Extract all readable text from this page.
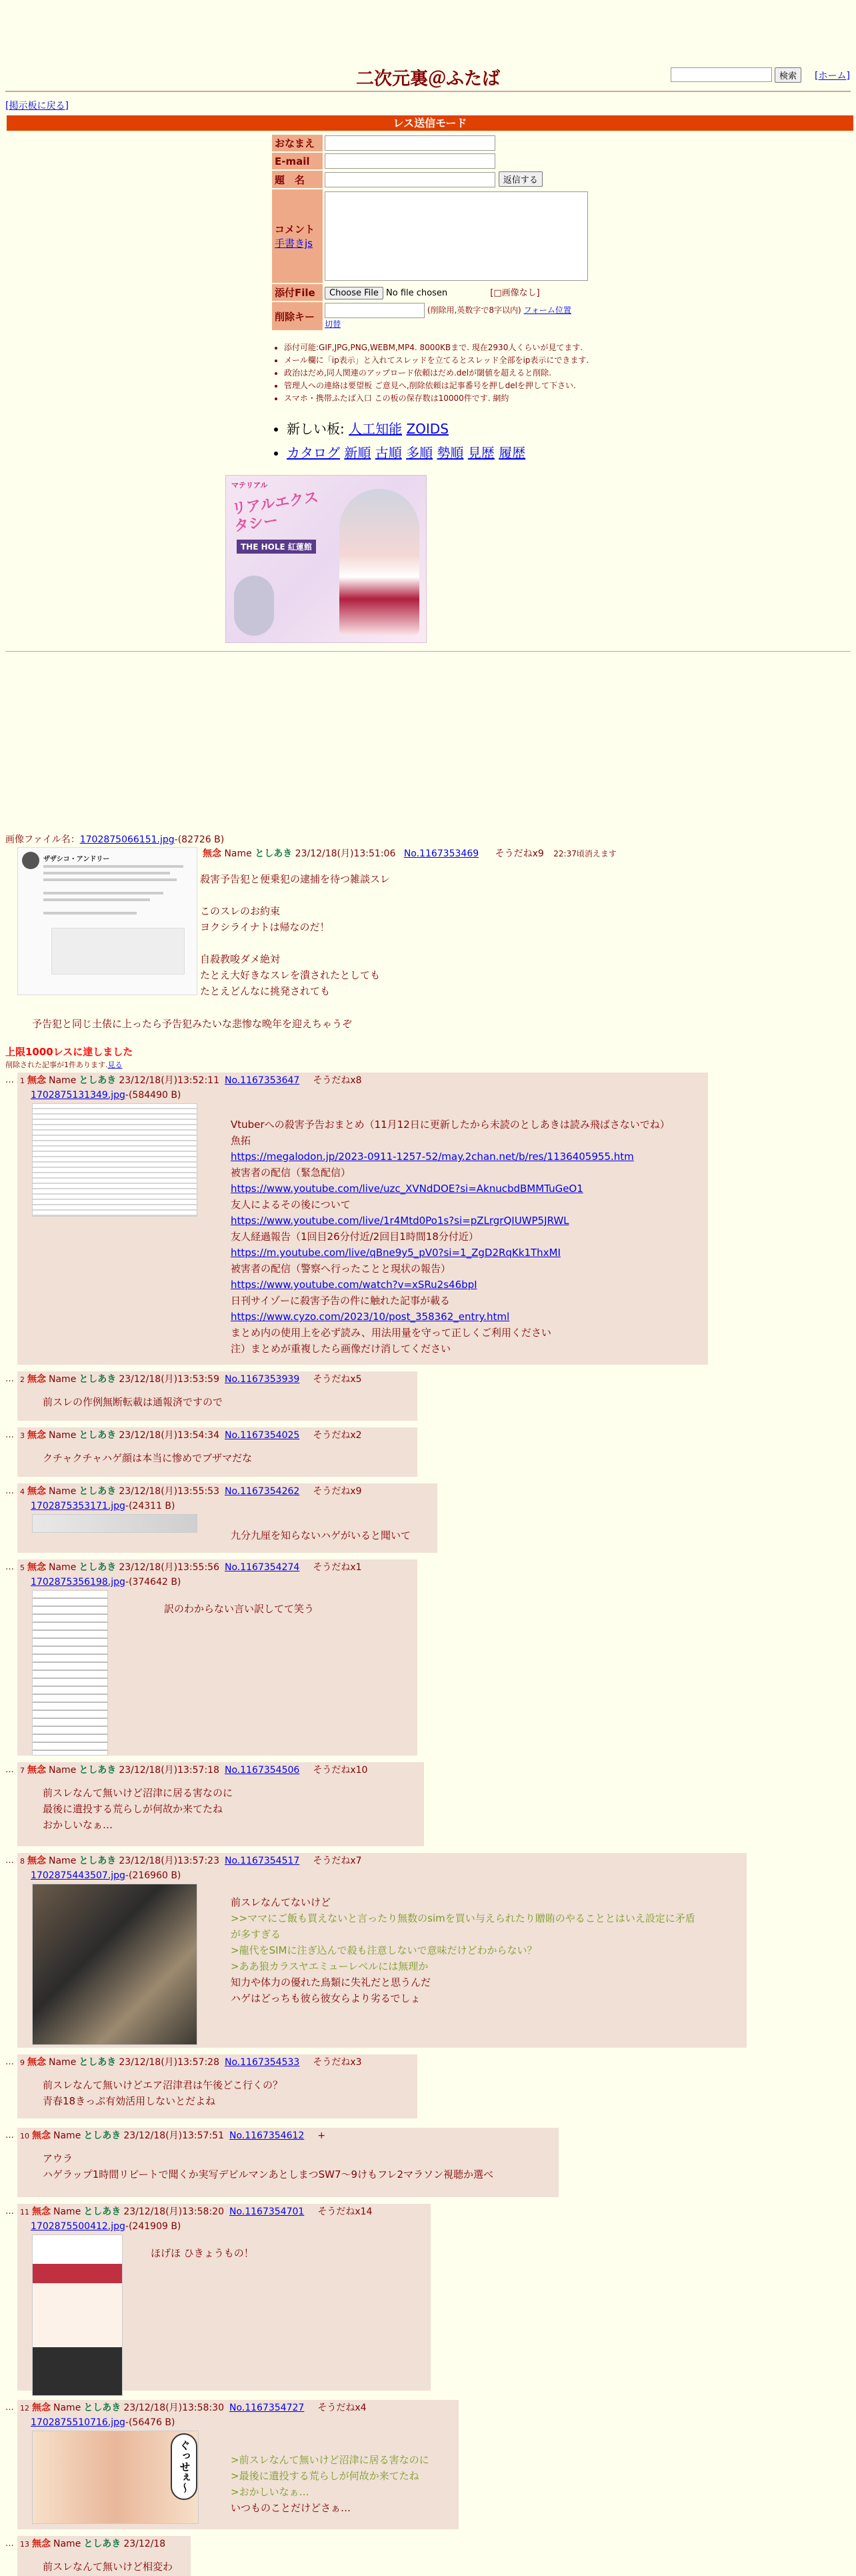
検索	[ホーム]
二次元裏＠ふたば
[掲示板に戻る]
レス送信モード
おなまえ	

E-mail	

題　名	返信する

コメント
手書きjs	

添付File	Choose File No file chosen [□画像なし]
削除キー	(削除用,英数字で8字以内) フォーム位置
切替
• 添付可能:GIF,JPG,PNG,WEBM,MP4. 8000KBまで. 現在2930人くらいが見てます.
• メール欄に「ip表示」と入れてスレッドを立てるとスレッド全部をip表示にできます.
• 政治はだめ,同人関連のアップロード依頼はだめ.delが閾値を超えると削除.
• 管理人への連絡は要望板 ご意見へ,削除依頼は記事番号を押しdelを押して下さい.
• スマホ・携帯ふたば入口 この板の保存数は10000件です. 網約
• 新しい板: 人工知能 ZOIDS
• カタログ 新順 古順 多順 勢順 見歴 履歴
マテリアル
リアルエクスタシー
THE HOLE 紅蓮館
画像ファイル名：1702875066151.jpg-(82726 B)
ザザシコ・アンドリー
無念 Name としあき 23/12/18(月)13:51:06 No.1167353469 そうだねx9 22:37頃消えます
殺害予告犯と便乗犯の逮捕を待つ雑談スレ
このスレのお約束
ヨクシライナトは帰なのだ！
自殺教唆ダメ絶対
たとえ大好きなスレを潰されたとしても
たとえどんなに挑発されても
予告犯と同じ土俵に上ったら予告犯みたいな悲惨な晩年を迎えちゃうぞ
上限1000レスに達しました
削除された記事が1件あります.見る
… 1 無念 Name としあき 23/12/18(月)13:52:11 No.1167353647 そうだねx8
1702875131349.jpg-(584490 B)
Vtuberへの殺害予告おまとめ（11月12日に更新したから未読のとしあきは読み飛ばさないでね）
魚拓
https://megalodon.jp/2023-0911-1257-52/may.2chan.net/b/res/1136405955.htm
被害者の配信（緊急配信）
https://www.youtube.com/live/uzc_XVNdDOE?si=AknucbdBMMTuGeO1
友人によるその後について
https://www.youtube.com/live/1r4Mtd0Po1s?si=pZLrgrQIUWP5JRWL
友人経過報告（1回目26分付近/2回目1時間18分付近）
https://m.youtube.com/live/qBne9y5_pV0?si=1_ZgD2RqKk1ThxMI
被害者の配信（警察へ行ったことと現状の報告）
https://www.youtube.com/watch?v=xSRu2s46bpI
日刊サイゾーに殺害予告の件に触れた記事が載る
https://www.cyzo.com/2023/10/post_358362_entry.html
まとめ内の使用上を必ず読み、用法用量を守って正しくご利用ください
注）まとめが重複したら画像だけ消してください
… 2 無念 Name としあき 23/12/18(月)13:53:59 No.1167353939 そうだねx5
前スレの作例無断転載は通報済ですので
… 3 無念 Name としあき 23/12/18(月)13:54:34 No.1167354025 そうだねx2
クチャクチャハゲ顔は本当に惨めでブザマだな
… 4 無念 Name としあき 23/12/18(月)13:55:53 No.1167354262 そうだねx9
1702875353171.jpg-(24311 B)
九分九厘を知らないハゲがいると聞いて
… 5 無念 Name としあき 23/12/18(月)13:55:56 No.1167354274 そうだねx1
1702875356198.jpg-(374642 B)
訳のわからない言い訳してて笑う
… 7 無念 Name としあき 23/12/18(月)13:57:18 No.1167354506 そうだねx10
前スレなんて無いけど沼津に居る害なのに
最後に遺投する荒らしが何故か来てたね
おかしいなぁ…
… 8 無念 Name としあき 23/12/18(月)13:57:23 No.1167354517 そうだねx7
1702875443507.jpg-(216960 B)
前スレなんてないけど
>>ママにご飯も買えないと言ったり無数のsimを買い与えられたり贈賄のやることとはいえ設定に矛盾
が多すぎる
>龍代をSIMに注ぎ込んで殺も注意しないで意味だけどわからない？
>ああ狼カラスヤエミューレベルには無理か
知力や体力の優れた鳥類に失礼だと思うんだ
ハゲはどっちも彼ら彼女らより劣るでしょ
… 9 無念 Name としあき 23/12/18(月)13:57:28 No.1167354533 そうだねx3
前スレなんて無いけどエア沼津君は午後どこ行くの？
青春18きっぷ有効活用しないとだよね
… 10 無念 Name としあき 23/12/18(月)13:57:51 No.1167354612 +
アウラ
ハゲラップ1時間リピートで聞くか実写デビルマンあとしまつSW7〜9けもフレ2マラソン視聴か選べ
… 11 無念 Name としあき 23/12/18(月)13:58:20 No.1167354701 そうだねx14
1702875500412.jpg-(241909 B)
ほげほ ひきょうもの！
… 12 無念 Name としあき 23/12/18(月)13:58:30 No.1167354727 そうだねx4
1702875510716.jpg-(56476 B)
ぐっせぇ〜	>前スレなんて無いけど沼津に居る害なのに
>最後に遺投する荒らしが何故か来てたね
>おかしいなぁ…
いつものことだけどさぁ…
… 13 無念 Name としあき 23/12/18
前スレなんて無いけど相変わ
